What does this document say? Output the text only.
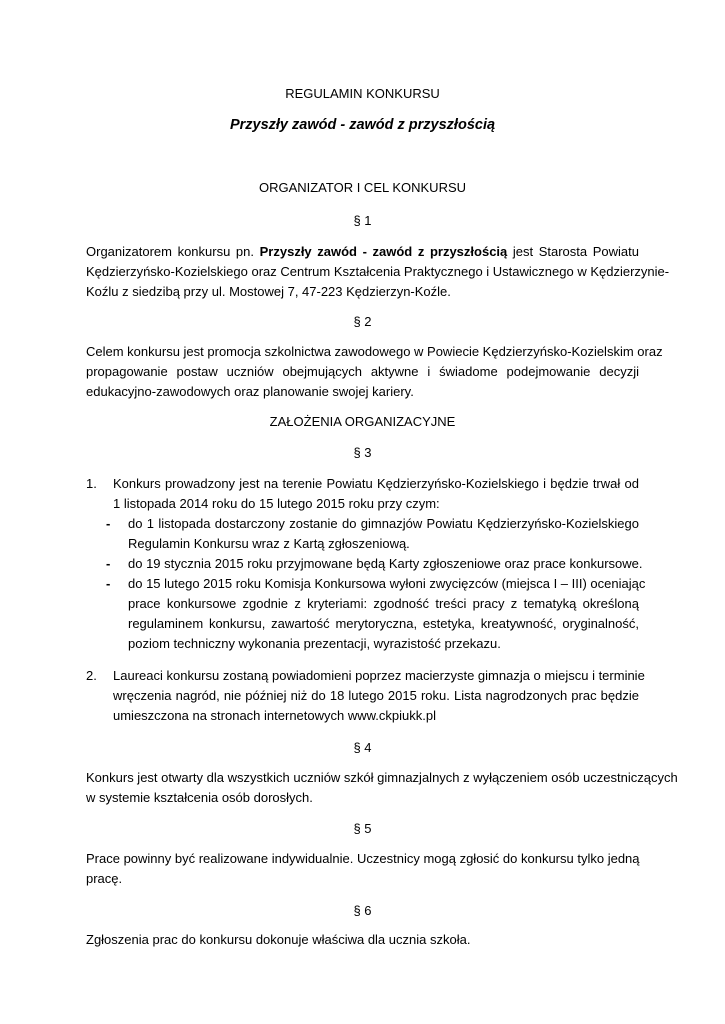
REGULAMIN KONKURSU
Przyszły zawód - zawód z przyszłością
ORGANIZATOR I CEL KONKURSU
§ 1
Organizatorem konkursu pn. Przyszły zawód - zawód z przyszłością jest Starosta Powiatu
Kędzierzyńsko-Kozielskiego oraz Centrum Kształcenia Praktycznego i Ustawicznego w Kędzierzynie-
Koźlu z siedzibą przy ul. Mostowej 7, 47-223 Kędzierzyn-Koźle.
§ 2
Celem konkursu jest promocja szkolnictwa zawodowego w Powiecie Kędzierzyńsko-Kozielskim oraz
propagowanie postaw uczniów obejmujących aktywne i świadome podejmowanie decyzji
edukacyjno-zawodowych oraz planowanie swojej kariery.
ZAŁOŻENIA ORGANIZACYJNE
§ 3
1. Konkurs prowadzony jest na terenie Powiatu Kędzierzyńsko-Kozielskiego i będzie trwał od
1 listopada 2014 roku do 15 lutego 2015 roku przy czym:
- do 1 listopada dostarczony zostanie do gimnazjów Powiatu Kędzierzyńsko-Kozielskiego
Regulamin Konkursu wraz z Kartą zgłoszeniową.
- do 19 stycznia 2015 roku przyjmowane będą Karty zgłoszeniowe oraz prace konkursowe.
- do 15 lutego 2015 roku Komisja Konkursowa wyłoni zwycięzców (miejsca I – III) oceniając
prace konkursowe zgodnie z kryteriami: zgodność treści pracy z tematyką określoną
regulaminem konkursu, zawartość merytoryczna, estetyka, kreatywność, oryginalność,
poziom techniczny wykonania prezentacji, wyrazistość przekazu.
2. Laureaci konkursu zostaną powiadomieni poprzez macierzyste gimnazja o miejscu i terminie
wręczenia nagród, nie później niż do 18 lutego 2015 roku. Lista nagrodzonych prac będzie
umieszczona na stronach internetowych www.ckpiukk.pl
§ 4
Konkurs jest otwarty dla wszystkich uczniów szkół gimnazjalnych z wyłączeniem osób uczestniczących
w systemie kształcenia osób dorosłych.
§ 5
Prace powinny być realizowane indywidualnie. Uczestnicy mogą zgłosić do konkursu tylko jedną
pracę.
§ 6
Zgłoszenia prac do konkursu dokonuje właściwa dla ucznia szkoła.
